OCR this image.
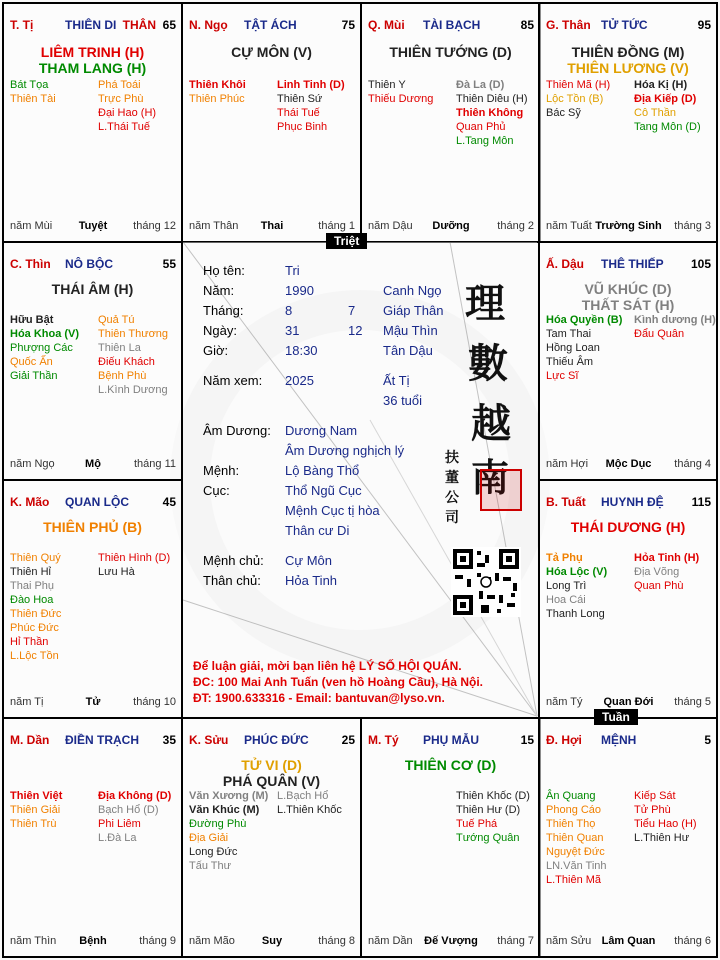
T. Tị	THIÊN DI THÂN 65
LIÊM TRINH (H)
THAM LANG (H)
Bát Tọa
Thiên Tài
Phá Toái
Trực Phù
Đại Hao (H)
L.Thái Tuế
năm Mùi	Tuyệt	tháng 12
N. Ngọ TẬT ÁCH	75
CỰ MÔN (V)
Thiên Khôi
Thiên Phúc
Linh Tinh (D)
Thiên Sứ
Thái Tuế
Phục Binh
năm Thân	Thai	tháng 1
Q. Mùi TÀI BẠCH	85
THIÊN TƯỚNG (D)
Thiên Y
Thiếu Dương
Đà La (D)
Thiên Diêu (H)
Thiên Không
Quan Phủ
L.Tang Môn
năm Dậu	Dưỡng	tháng 2
G. Thân TỬ TỨC	95
THIÊN ĐỒNG (M)
THIÊN LƯƠNG (V)
Thiên Mã (H)
Lộc Tồn (B)
Bác Sỹ
Hóa Kị (H)
Địa Kiếp (D)
Cô Thần
Tang Môn (D)
năm Tuất Trường Sinh	tháng 3
C. Thìn NÔ BỘC	55
THÁI ÂM (H)
Hữu Bật
Hóa Khoa (V)
Phượng Các
Quốc Ấn
Giải Thần
Quả Tú
Thiên Thương
Thiên La
Điếu Khách
Bệnh Phù
L.Kình Dương
năm Ngọ	Mộ	tháng 11
Ấ. Dậu THÊ THIẾP 105
VŨ KHÚC (D)
THẤT SÁT (H)
Hóa Quyền (B)
Tam Thai
Hồng Loan
Thiếu Âm
Lực Sĩ
Kình dương (H)
Đẩu Quân
năm Hợi	Mộc Dục	tháng 4
K. Mão QUAN LỘC	45
THIÊN PHỦ (B)
Thiên Quý
Thiên Hỉ
Thai Phụ
Đào Hoa
Thiên Đức
Phúc Đức
Hỉ Thần
L.Lộc Tồn
Thiên Hình (D)
Lưu Hà
năm Tị	Tử	tháng 10
B. Tuất HUYNH ĐỆ 115
THÁI DƯƠNG (H)
Tả Phụ
Hóa Lộc (V)
Long Trì
Hoa Cái
Thanh Long
Hỏa Tinh (H)
Địa Võng
Quan Phù
năm Tý	Quan Đới	tháng 5
M. Dần ĐIỀN TRẠCH 35
Thiên Việt
Thiên Giải
Thiên Trù
Địa Không (D)
Bạch Hổ (D)
Phi Liêm
L.Đà La
năm Thìn	Bệnh	tháng 9
K. Sửu PHÚC ĐỨC	25
TỬ VI (D)
PHÁ QUÂN (V)
Văn Xương (M)
Văn Khúc (M)
Đường Phù
Địa Giải
Long Đức
Tấu Thư
L.Bạch Hổ
L.Thiên Khốc
năm Mão	Suy	tháng 8
M. Tý PHỤ MẪU	15
THIÊN CƠ (D)
Thiên Khốc (D)
Thiên Hư (D)
Tuế Phá
Tướng Quân
năm Dần	Đế Vượng	tháng 7
Đ. Hợi MỆNH	5
Ân Quang
Phong Cáo
Thiên Thọ
Thiên Quan
Nguyệt Đức
LN.Văn Tinh
L.Thiên Mã
Kiếp Sát
Tử Phù
Tiểu Hao (H)
L.Thiên Hư
năm Sửu Lâm Quan	tháng 6
Họ tên:	Tri
Năm:	1990	Canh Ngọ
Tháng:	8	7 Giáp Thân
Ngày:	31	12 Mậu Thìn
Giờ:	18:30	Tân Dậu
Năm xem: 2025	Ất Tị
36 tuổi
Âm Dương: Dương Nam
Âm Dương nghịch lý
Mệnh:	Lộ Bàng Thổ
Cục:	Thổ Ngũ Cục
Mệnh Cục tị hòa
Thân cư Di
Mệnh chủ: Cự Môn
Thân chủ: Hỏa Tinh
理
數
越
南
扶
董
公
司
Để luận giải, mời bạn liên hệ LÝ SỐ HỘI QUÁN.
ĐC: 100 Mai Anh Tuấn (ven hồ Hoàng Cầu), Hà Nội.
ĐT: 1900.633316 - Email: bantuvan@lyso.vn.
Triệt
Tuần
